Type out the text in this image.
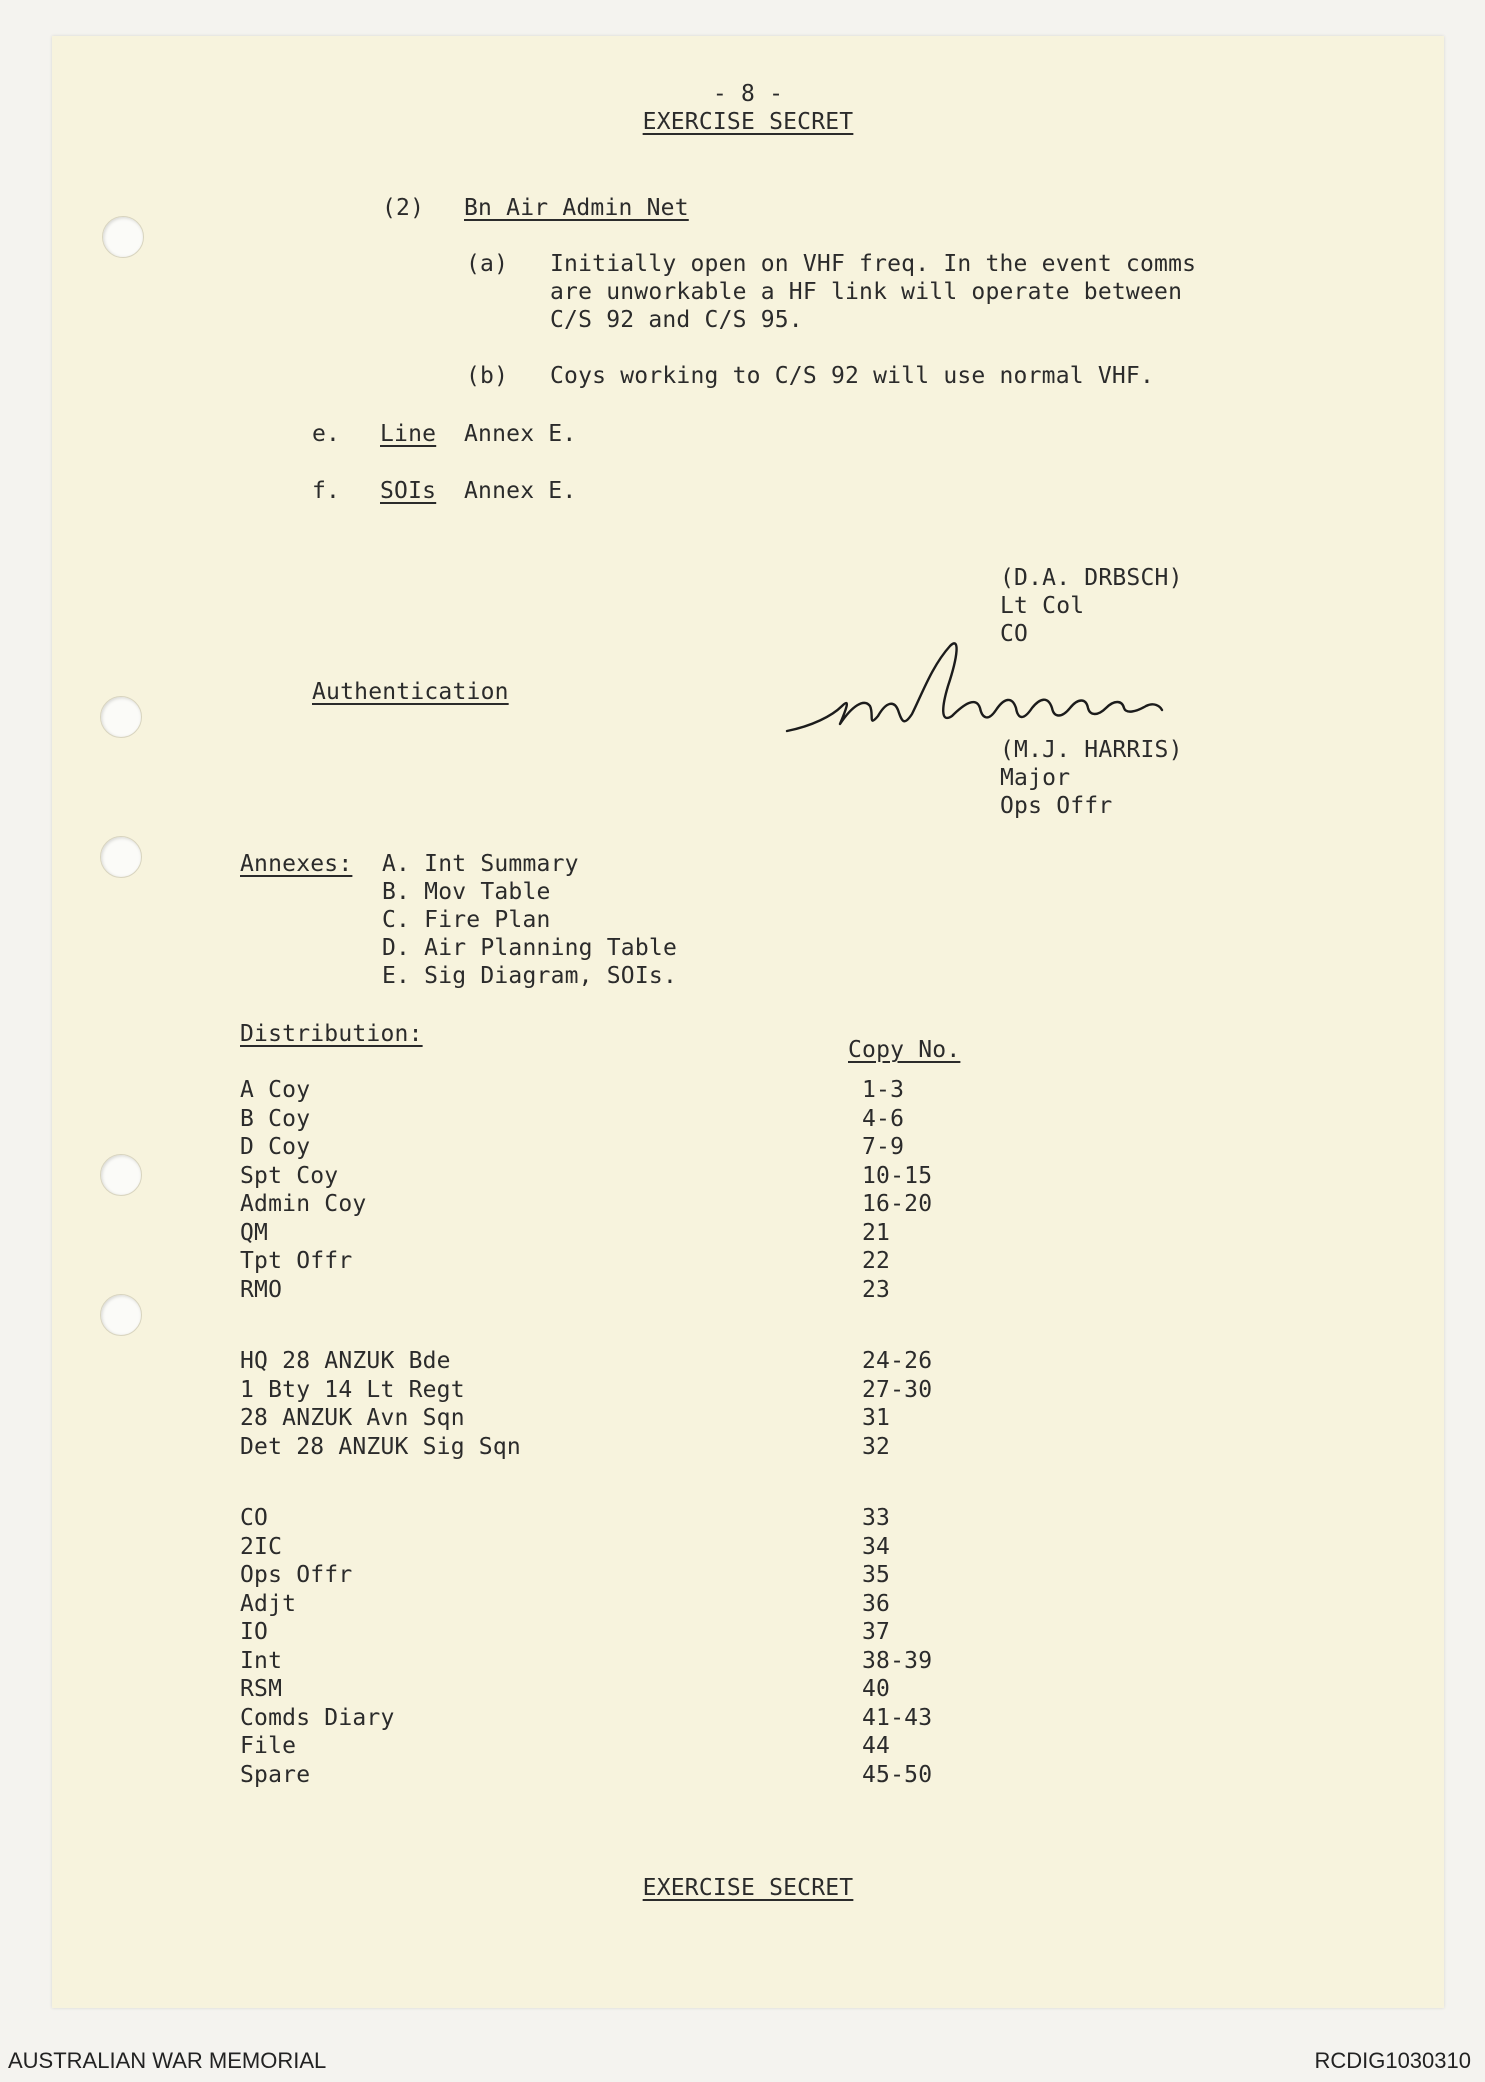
- 8 -
EXERCISE SECRET
(2) Bn Air Admin Net
(a) Initially open on VHF freq. In the event comms
are unworkable a HF link will operate between
C/S 92 and C/S 95.
(b) Coys working to C/S 92 will use normal VHF.
e. Line Annex E.
f. SOIs Annex E.
(D.A. DRBSCH)
Lt Col
CO
Authentication
(M.J. HARRIS)
Major
Ops Offr
Annexes: A. Int Summary
B. Mov Table
C. Fire Plan
D. Air Planning Table
E. Sig Diagram, SOIs.
Distribution:
Copy No.
A Coy	1-3
B Coy	4-6
D Coy	7-9
Spt Coy	10-15
Admin Coy	16-20
QM	21
Tpt Offr	22
RMO	23
HQ 28 ANZUK Bde	24-26
1 Bty 14 Lt Regt	27-30
28 ANZUK Avn Sqn	31
Det 28 ANZUK Sig Sqn	32
CO	33
2IC	34
Ops Offr	35
Adjt	36
IO	37
Int	38-39
RSM	40
Comds Diary	41-43
File	44
Spare	45-50
EXERCISE SECRET
AUSTRALIAN WAR MEMORIAL	RCDIG1030310
